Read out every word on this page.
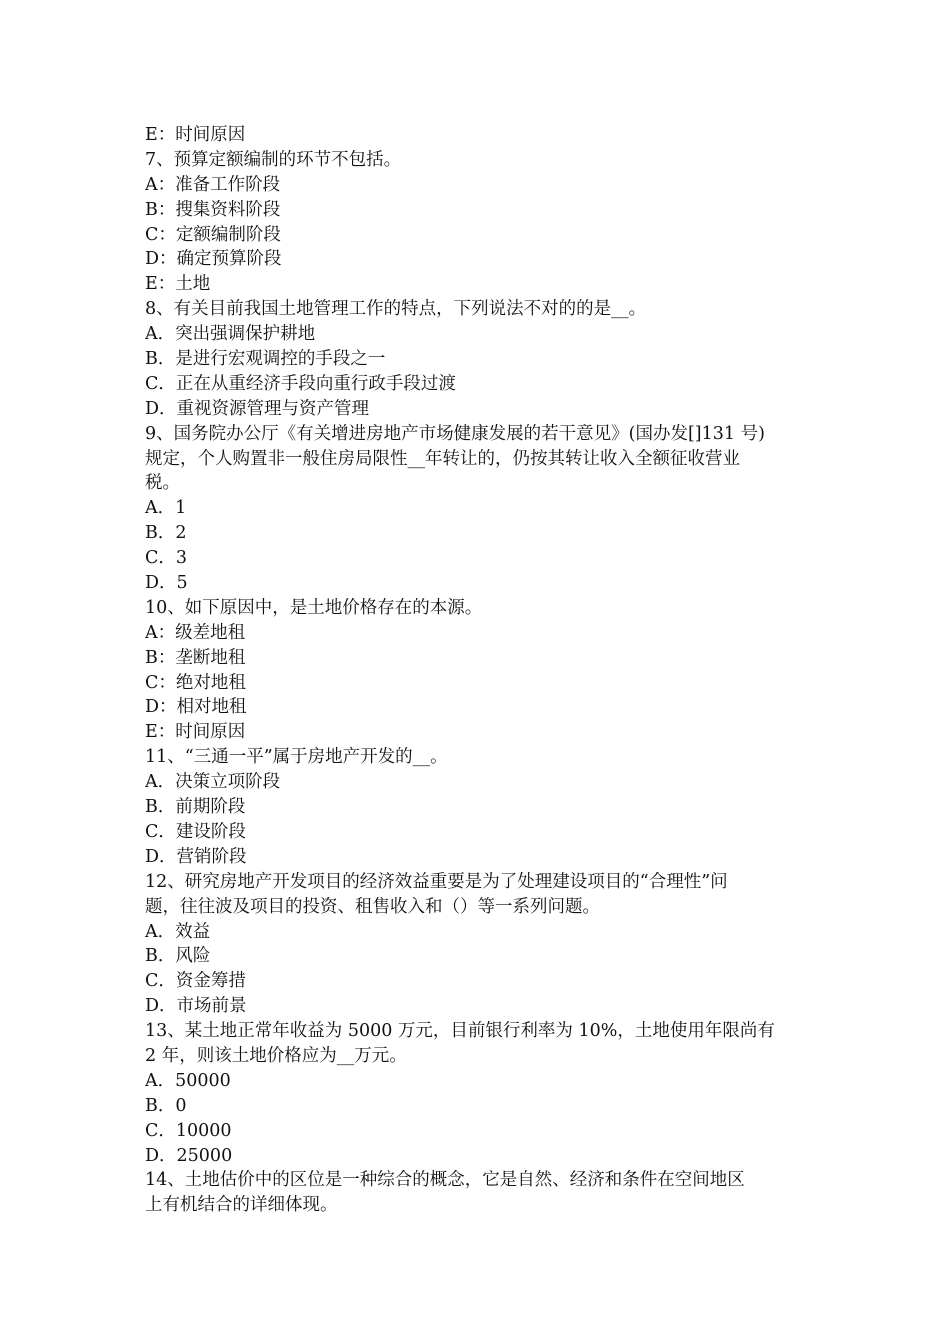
E：时间原因
7、预算定额编制的环节不包括。
A：准备工作阶段
B：搜集资料阶段
C：定额编制阶段
D：确定预算阶段
E：土地
8、有关目前我国土地管理工作的特点，下列说法不对的的是__。
A．突出强调保护耕地
B．是进行宏观调控的手段之一
C．正在从重经济手段向重行政手段过渡
D．重视资源管理与资产管理
9、国务院办公厅《有关增进房地产市场健康发展的若干意见》(国办发[]131 号)
规定，个人购置非一般住房局限性__年转让的，仍按其转让收入全额征收营业
税。
A．1
B．2
C．3
D．5
10、如下原因中，是土地价格存在的本源。
A：级差地租
B：垄断地租
C：绝对地租
D：相对地租
E：时间原因
11、“三通一平”属于房地产开发的__。
A．决策立项阶段
B．前期阶段
C．建设阶段
D．营销阶段
12、研究房地产开发项目的经济效益重要是为了处理建设项目的“合理性”问
题，往往波及项目的投资、租售收入和（）等一系列问题。
A．效益
B．风险
C．资金筹措
D．市场前景
13、某土地正常年收益为 5000 万元，目前银行利率为 10%，土地使用年限尚有
2 年，则该土地价格应为__万元。
A．50000
B．0
C．10000
D．25000
14、土地估价中的区位是一种综合的概念，它是自然、经济和条件在空间地区
上有机结合的详细体现。
